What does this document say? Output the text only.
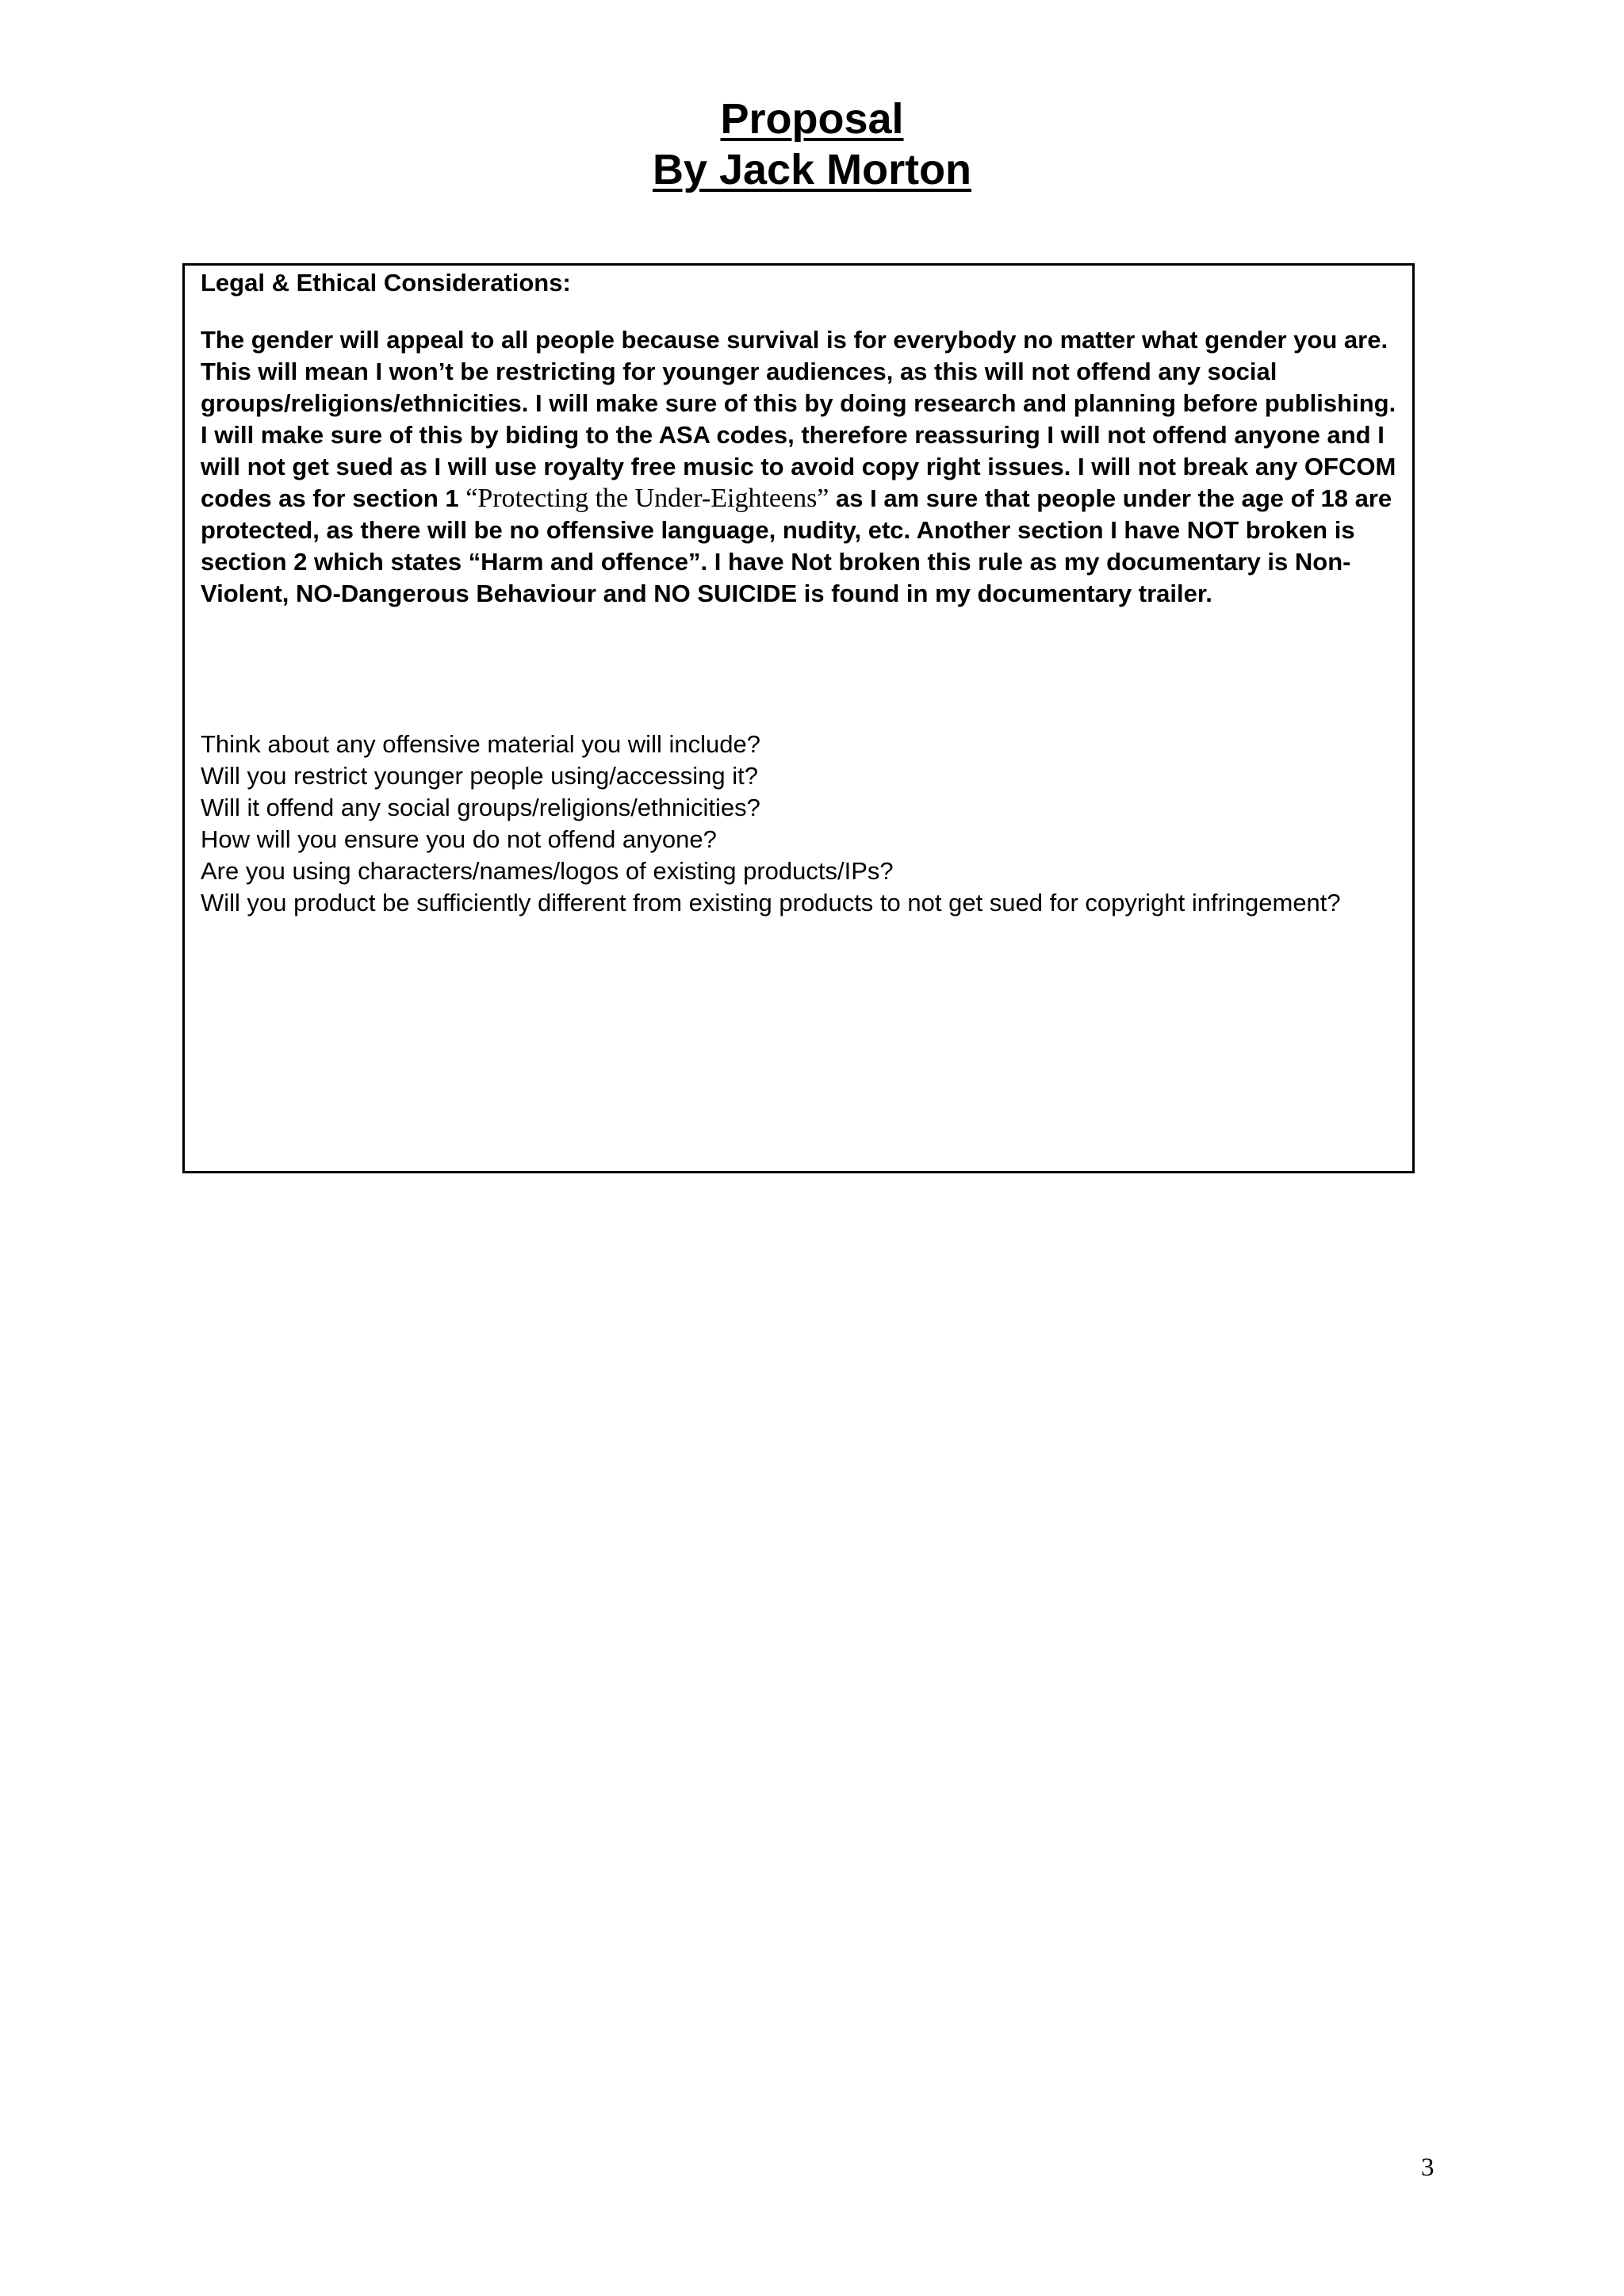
Proposal
By Jack Morton
Legal & Ethical Considerations:

The gender will appeal to all people because survival is for everybody no matter what gender you are. This will mean I won’t be restricting for younger audiences, as this will not offend any social groups/religions/ethnicities. I will make sure of this by doing research and planning before publishing. I will make sure of this by biding to the ASA codes, therefore reassuring I will not offend anyone and I will not get sued as I will use royalty free music to avoid copy right issues. I will not break any OFCOM codes as for section 1 “Protecting the Under-Eighteens” as I am sure that people under the age of 18 are protected, as there will be no offensive language, nudity, etc. Another section I have NOT broken is section 2 which states “Harm and offence”. I have Not broken this rule as my documentary is Non-Violent, NO-Dangerous Behaviour and NO SUICIDE is found in my documentary trailer.

Think about any offensive material you will include?
Will you restrict younger people using/accessing it?
Will it offend any social groups/religions/ethnicities?
How will you ensure you do not offend anyone?
Are you using characters/names/logos of existing products/IPs?
Will you product be sufficiently different from existing products to not get sued for copyright infringement?
3
